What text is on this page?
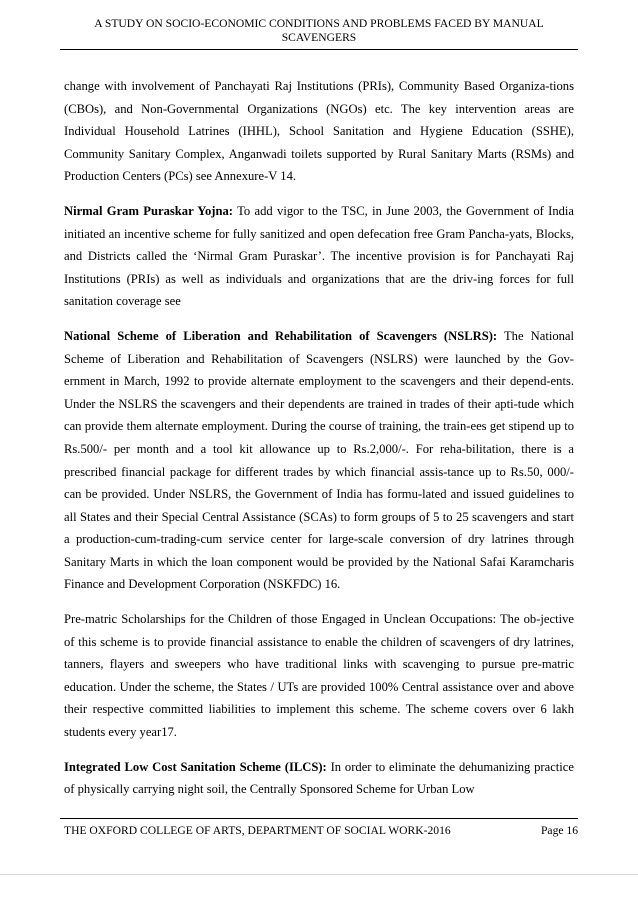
A STUDY ON SOCIO-ECONOMIC CONDITIONS AND PROBLEMS FACED BY MANUAL
SCAVENGERS

change with involvement of Panchayati Raj Institutions (PRIs), Community Based Organiza-tions (CBOs), and Non-Governmental Organizations (NGOs) etc. The key intervention areas are Individual Household Latrines (IHHL), School Sanitation and Hygiene Education (SSHE), Community Sanitary Complex, Anganwadi toilets supported by Rural Sanitary Marts (RSMs) and Production Centers (PCs) see Annexure-V 14.

Nirmal Gram Puraskar Yojna: To add vigor to the TSC, in June 2003, the Government of India initiated an incentive scheme for fully sanitized and open defecation free Gram Pancha-yats, Blocks, and Districts called the ‘Nirmal Gram Puraskar’. The incentive provision is for Panchayati Raj Institutions (PRIs) as well as individuals and organizations that are the driv-ing forces for full sanitation coverage see

National Scheme of Liberation and Rehabilitation of Scavengers (NSLRS): The National Scheme of Liberation and Rehabilitation of Scavengers (NSLRS) were launched by the Gov-ernment in March, 1992 to provide alternate employment to the scavengers and their depend-ents. Under the NSLRS the scavengers and their dependents are trained in trades of their apti-tude which can provide them alternate employment. During the course of training, the train-ees get stipend up to Rs.500/- per month and a tool kit allowance up to Rs.2,000/-. For reha-bilitation, there is a prescribed financial package for different trades by which financial assis-tance up to Rs.50, 000/- can be provided. Under NSLRS, the Government of India has formu-lated and issued guidelines to all States and their Special Central Assistance (SCAs) to form groups of 5 to 25 scavengers and start a production-cum-trading-cum service center for large-scale conversion of dry latrines through Sanitary Marts in which the loan component would be provided by the National Safai Karamcharis Finance and Development Corporation (NSKFDC) 16.

Pre-matric Scholarships for the Children of those Engaged in Unclean Occupations: The ob-jective of this scheme is to provide financial assistance to enable the children of scavengers of dry latrines, tanners, flayers and sweepers who have traditional links with scavenging to pursue pre-matric education. Under the scheme, the States / UTs are provided 100% Central assistance over and above their respective committed liabilities to implement this scheme. The scheme covers over 6 lakh students every year17.

Integrated Low Cost Sanitation Scheme (ILCS): In order to eliminate the dehumanizing practice of physically carrying night soil, the Centrally Sponsored Scheme for Urban Low

THE OXFORD COLLEGE OF ARTS, DEPARTMENT OF SOCIAL WORK-2016	Page 16
